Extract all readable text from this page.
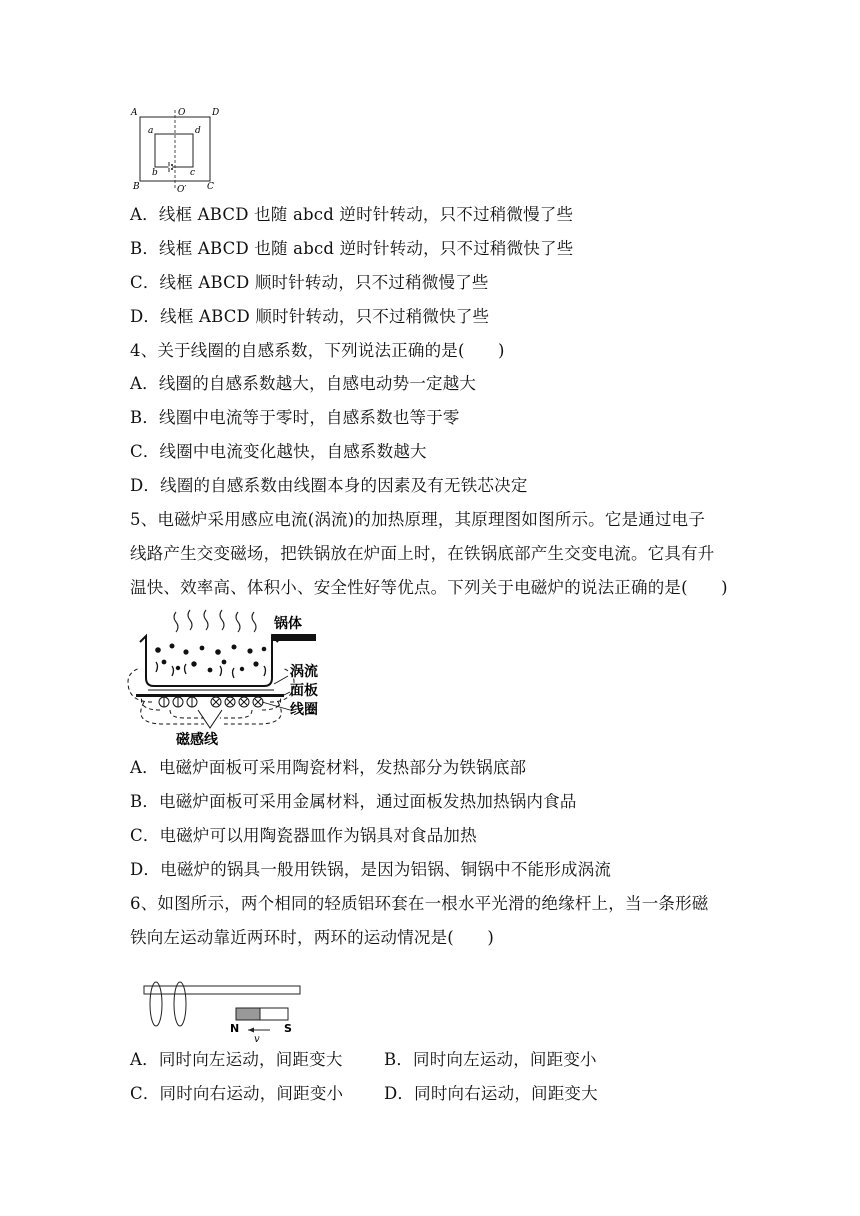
A	O	D
a	d
b	c
B	O′ C
A．线框 ABCD 也随 abcd 逆时针转动，只不过稍微慢了些
B．线框 ABCD 也随 abcd 逆时针转动，只不过稍微快了些
C．线框 ABCD 顺时针转动，只不过稍微慢了些
D．线框 ABCD 顺时针转动，只不过稍微快了些
4、关于线圈的自感系数，下列说法正确的是(　　)
A．线圈的自感系数越大，自感电动势一定越大
B．线圈中电流等于零时，自感系数也等于零
C．线圈中电流变化越快，自感系数越大
D．线圈的自感系数由线圈本身的因素及有无铁芯决定
5、电磁炉采用感应电流(涡流)的加热原理，其原理图如图所示。它是通过电子
线路产生交变磁场，把铁锅放在炉面上时，在铁锅底部产生交变电流。它具有升
温快、效率高、体积小、安全性好等优点。下列关于电磁炉的说法正确的是(　　)
锅体
涡流
面板
线圈
磁感线
A．电磁炉面板可采用陶瓷材料，发热部分为铁锅底部
B．电磁炉面板可采用金属材料，通过面板发热加热锅内食品
C．电磁炉可以用陶瓷器皿作为锅具对食品加热
D．电磁炉的锅具一般用铁锅，是因为铝锅、铜锅中不能形成涡流
6、如图所示，两个相同的轻质铝环套在一根水平光滑的绝缘杆上，当一条形磁
铁向左运动靠近两环时，两环的运动情况是(　　)
N	S
v
A．同时向左运动，间距变大	B．同时向左运动，间距变小
C．同时向右运动，间距变小 D．同时向右运动，间距变大
